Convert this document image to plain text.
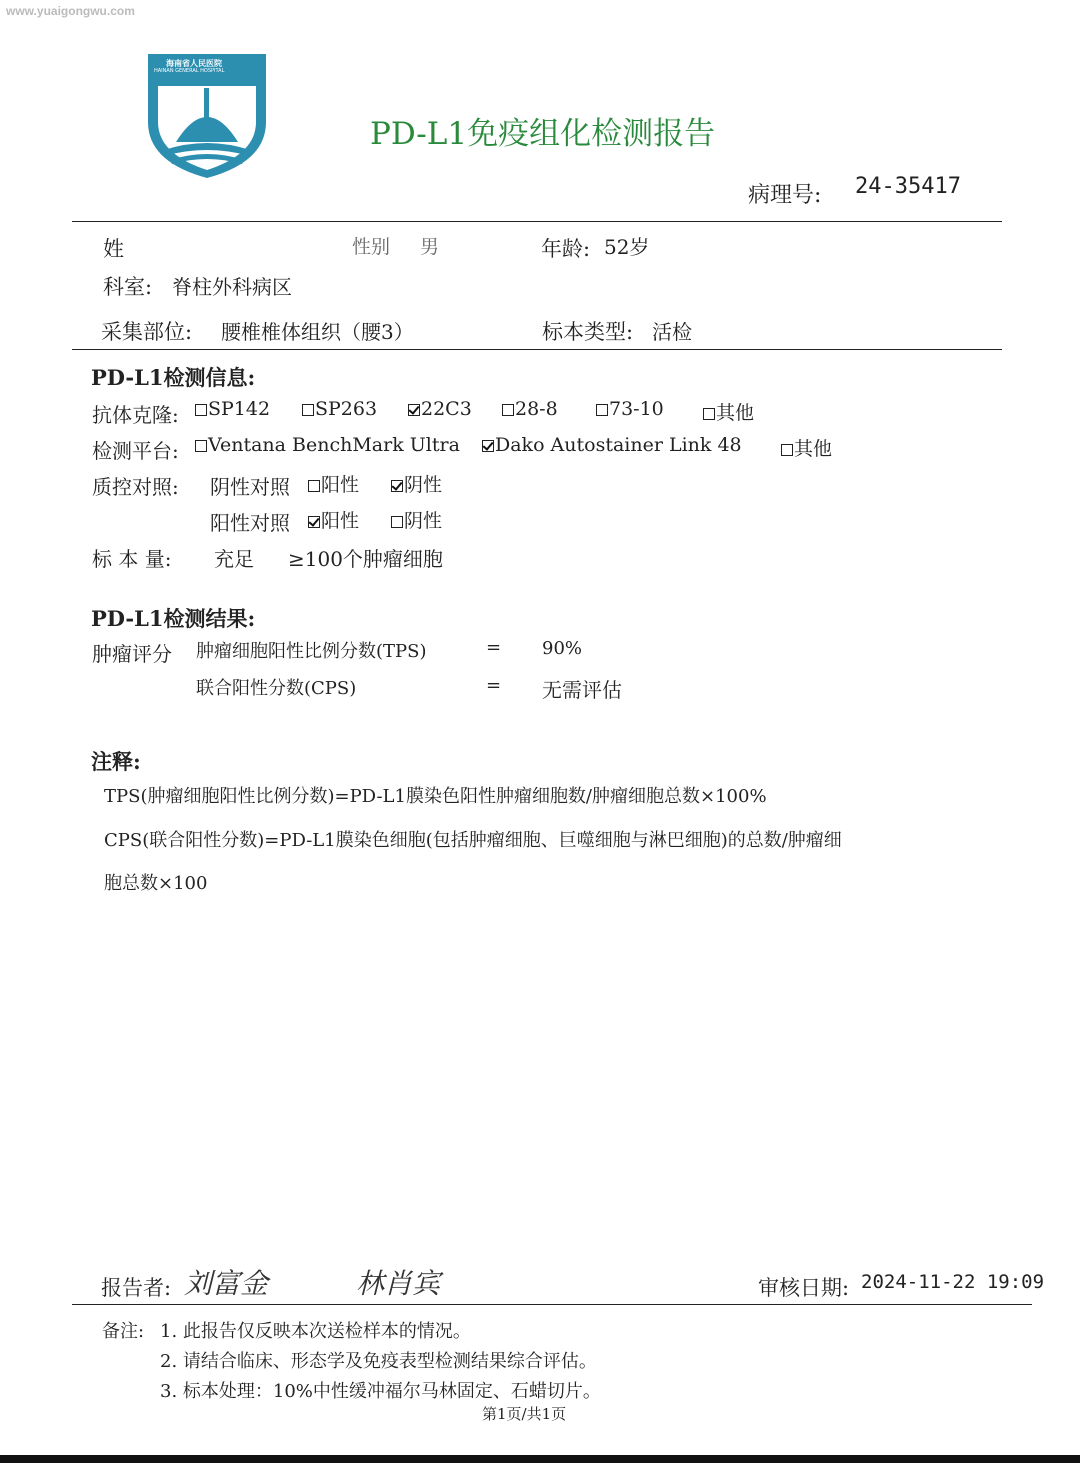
www.yuaigongwu.com
海南省人民医院
HAINAN GENERAL HOSPITAL
PD-L1免疫组化检测报告
病理号: 24-35417
姓	性别 男	年龄: 52岁
科室: 脊柱外科病区
采集部位: 腰椎椎体组织（腰3）	标本类型: 活检
PD-L1检测信息:
抗体克隆:	SP142	SP263	22C3	28-8	73-10	其他
检测平台:	Ventana BenchMark Ultra	Dako Autostainer Link 48	其他
质控对照: 阴性对照	阳性	阴性
阳性对照	阳性	阴性
标 本 量: 充足 ≥100个肿瘤细胞
PD-L1检测结果:
肿瘤评分 肿瘤细胞阳性比例分数(TPS)	= 90%
联合阳性分数(CPS)	= 无需评估
注释:
TPS(肿瘤细胞阳性比例分数)=PD-L1膜染色阳性肿瘤细胞数/肿瘤细胞总数×100%
CPS(联合阳性分数)=PD-L1膜染色细胞(包括肿瘤细胞、巨噬细胞与淋巴细胞)的总数/肿瘤细
胞总数×100
报告者: 刘富金	林肖宾	审核日期: 2024-11-22 19:09
备注: 1. 此报告仅反映本次送检样本的情况。
2. 请结合临床、形态学及免疫表型检测结果综合评估。
3. 标本处理：10%中性缓冲福尔马林固定、石蜡切片。
第1页/共1页
